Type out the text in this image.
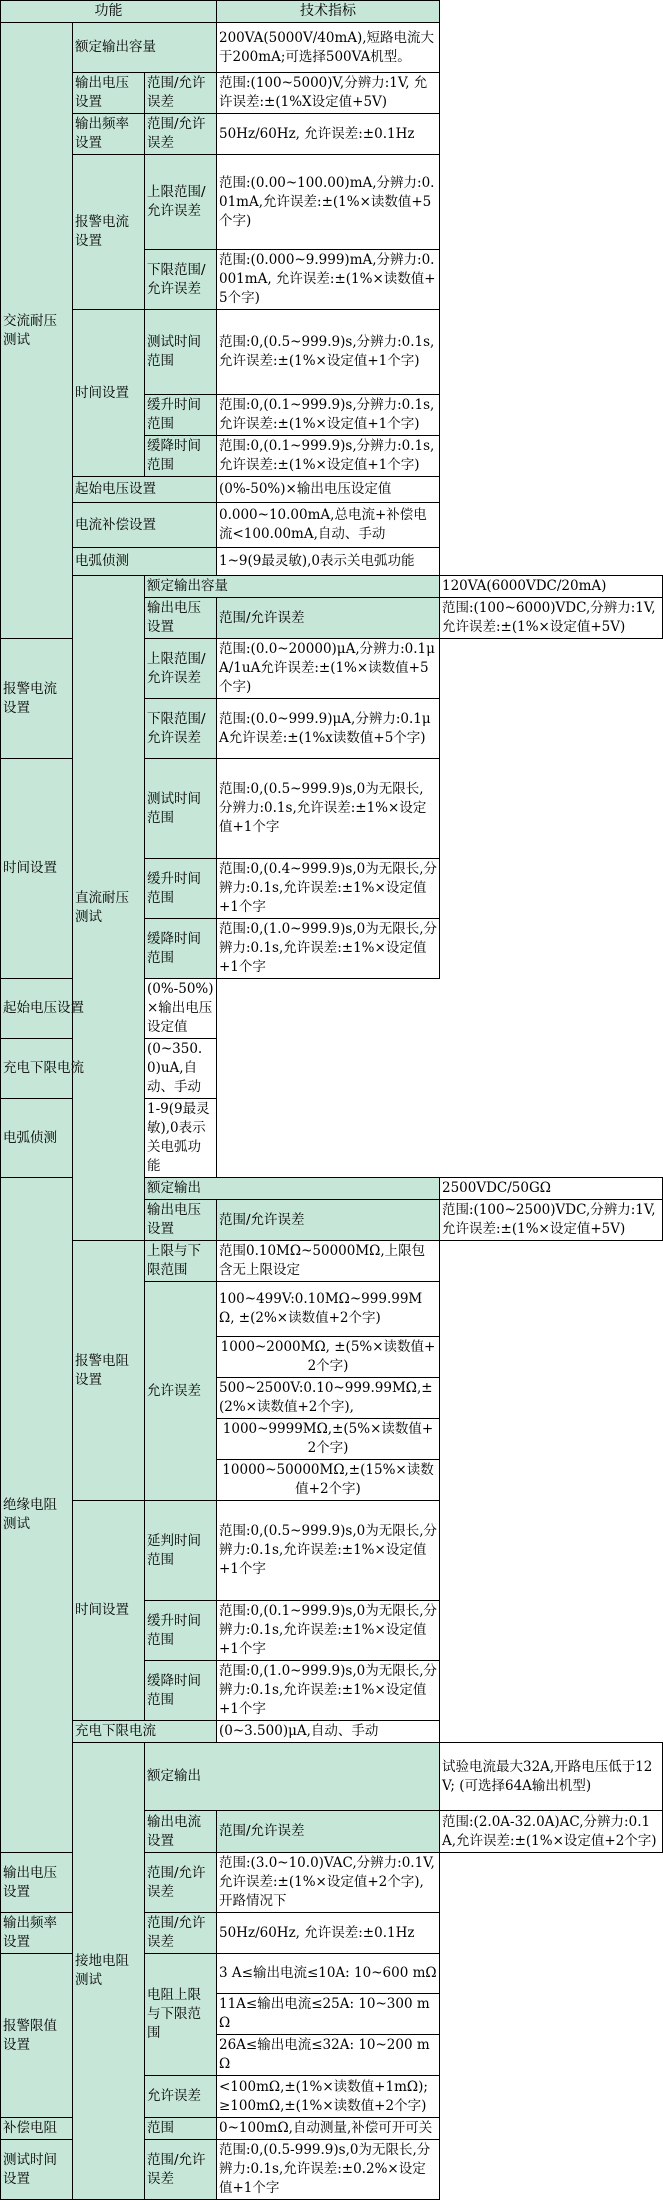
功能			技术指标	
交流耐压测试	额定输出容量		200VA(5000V/40mA),短路电流大于200mA;可选择500VA机型。	
	输出电压设置	范围/允许误差	范围:(100~5000)V,分辨力:1V, 允许误差:±(1%X设定值+5V)	
	输出频率设置	范围/允许误差	50Hz/60Hz, 允许误差:±0.1Hz	
	报警电流设置	上限范围/允许误差	范围:(0.00~100.00)mA,分辨力:0.01mA,允许误差:±(1%×读数值+5个字)	
		下限范围/允许误差	范围:(0.000~9.999)mA,分辨力:0.001mA, 允许误差:±(1%×读数值+5个字)	
	时间设置	测试时间范围	范围:0,(0.5~999.9)s,分辨力:0.1s, 允许误差:±(1%×设定值+1个字)	
		缓升时间范围	范围:0,(0.1~999.9)s,分辨力:0.1s,允许误差:±(1%×设定值+1个字)	
		缓降时间范围	范围:0,(0.1~999.9)s,分辨力:0.1s,允许误差:±(1%×设定值+1个字)	
	起始电压设置		(0%-50%)×输出电压设定值	
	电流补偿设置		0.000~10.00mA,总电流+补偿电流<100.00mA,自动、手动	
	电弧侦测		1~9(9最灵敏),0表示关电弧功能	
	直流耐压测试	额定输出容量		120VA(6000VDC/20mA)
		输出电压设置	范围/允许误差	范围:(100~6000)VDC,分辨力:1V,允许误差:±(1%×设定值+5V)
报警电流设置		上限范围/允许误差	范围:(0.0~20000)μA,分辨力:0.1μA/1uA允许误差:±(1%×读数值+5个字)	
		下限范围/允许误差	范围:(0.0~999.9)μA,分辨力:0.1μA允许误差:±(1%x读数值+5个字)	
时间设置		测试时间范围	范围:0,(0.5~999.9)s,0为无限长, 分辨力:0.1s,允许误差:±1%×设定值+1个字	
		缓升时间范围	范围:0,(0.4~999.9)s,0为无限长,分辨力:0.1s,允许误差:±1%×设定值+1个字	
		缓降时间范围	范围:0,(1.0~999.9)s,0为无限长,分辨力:0.1s,允许误差:±1%×设定值+1个字	
起始电压设置		(0%-50%)×输出电压设定值		
充电下限电流		(0~350.0)uA,自动、手动		
电弧侦测		1-9(9最灵敏),0表示关电弧功能		
绝缘电阻测试		额定输出		2500VDC/50GΩ
		输出电压设置	范围/允许误差	范围:(100~2500)VDC,分辨力:1V,允许误差:±(1%×设定值+5V)
	报警电阻设置	上限与下限范围	范围0.10MΩ~50000MΩ,上限包含无上限设定	
		允许误差	100~499V:0.10MΩ~999.99MΩ, ±(2%×读数值+2个字)	
			1000~2000MΩ, ±(5%×读数值+2个字)	
			500~2500V:0.10~999.99MΩ,±(2%×读数值+2个字),	
			1000~9999MΩ,±(5%×读数值+2个字)	
			10000~50000MΩ,±(15%×读数值+2个字)	
	时间设置	延判时间范围	范围:0,(0.5~999.9)s,0为无限长,分辨力:0.1s,允许误差:±1%×设定值+1个字	
		缓升时间范围	范围:0,(0.1~999.9)s,0为无限长,分辨力:0.1s,允许误差:±1%×设定值+1个字	
		缓降时间范围	范围:0,(1.0~999.9)s,0为无限长,分辨力:0.1s,允许误差:±1%×设定值+1个字	
	充电下限电流		(0~3.500)μA,自动、手动	
	接地电阻测试	额定输出		试验电流最大32A,开路电压低于12V; (可选择64A输出机型)
		输出电流设置	范围/允许误差	范围:(2.0A-32.0A)AC,分辨力:0.1A,允许误差:±(1%×设定值+2个字)
输出电压设置		范围/允许误差	范围:(3.0~10.0)VAC,分辨力:0.1V,允许误差:±(1%×设定值+2个字),开路情况下	
输出频率设置		范围/允许误差	50Hz/60Hz, 允许误差:±0.1Hz	
报警限值设置		电阻上限与下限范围	3 A≤输出电流≤10A: 10~600 mΩ	
			11A≤输出电流≤25A: 10~300 mΩ	
			26A≤输出电流≤32A: 10~200 mΩ	
		允许误差	<100mΩ,±(1%×读数值+1mΩ);≥100mΩ,±(1%×读数值+2个字)	
补偿电阻		范围	0~100mΩ,自动测量,补偿可开可关	
测试时间设置		范围/允许误差	范围:0,(0.5-999.9)s,0为无限长,分辨力:0.1s,允许误差:±0.2%×设定值+1个字	
